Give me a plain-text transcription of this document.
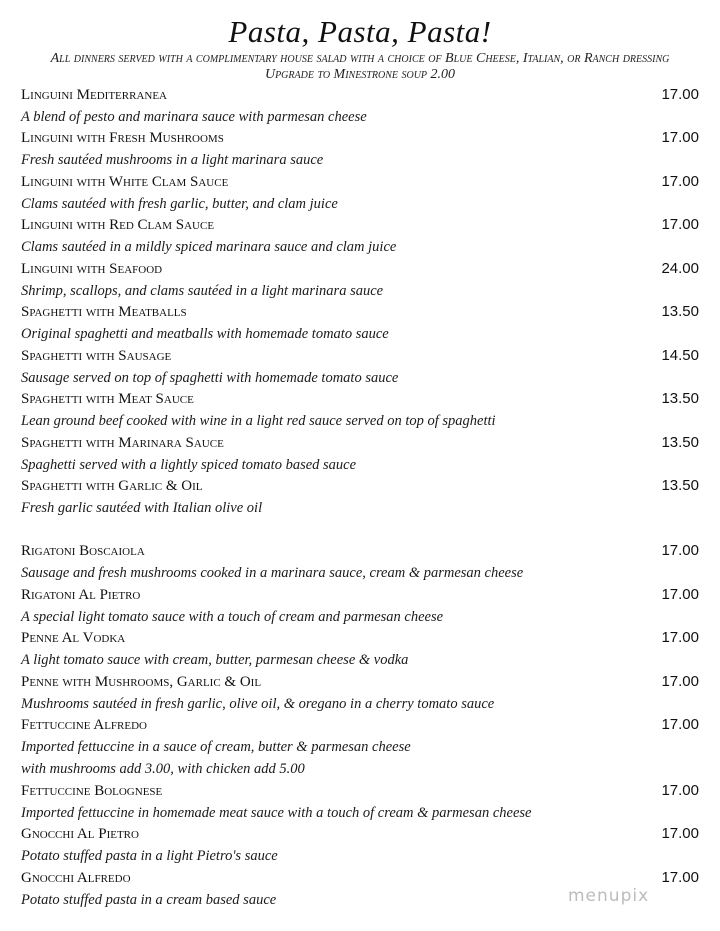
Pasta, Pasta, Pasta!
All dinners served with a complimentary house salad with a choice of Blue Cheese, Italian, or Ranch dressing
Upgrade to Minestrone soup 2.00
Linguini Mediterranea	17.00
A blend of pesto and marinara sauce with parmesan cheese
Linguini with Fresh Mushrooms	17.00
Fresh sautéed mushrooms in a light marinara sauce
Linguini with White Clam Sauce	17.00
Clams sautéed with fresh garlic, butter, and clam juice
Linguini with Red Clam Sauce	17.00
Clams sautéed in a mildly spiced marinara sauce and clam juice
Linguini with Seafood	24.00
Shrimp, scallops, and clams sautéed in a light marinara sauce
Spaghetti with Meatballs	13.50
Original spaghetti and meatballs with homemade tomato sauce
Spaghetti with Sausage	14.50
Sausage served on top of spaghetti with homemade tomato sauce
Spaghetti with Meat Sauce	13.50
Lean ground beef cooked with wine in a light red sauce served on top of spaghetti
Spaghetti with Marinara Sauce	13.50
Spaghetti served with a lightly spiced tomato based sauce
Spaghetti with Garlic & Oil	13.50
Fresh garlic sautéed with Italian olive oil
Rigatoni Boscaiola	17.00
Sausage and fresh mushrooms cooked in a marinara sauce, cream & parmesan cheese
Rigatoni Al Pietro	17.00
A special light tomato sauce with a touch of cream and parmesan cheese
Penne Al Vodka	17.00
A light tomato sauce with cream, butter, parmesan cheese & vodka
Penne with Mushrooms, Garlic & Oil	17.00
Mushrooms sautéed in fresh garlic, olive oil, & oregano in a cherry tomato sauce
Fettuccine Alfredo	17.00
Imported fettuccine in a sauce of cream, butter & parmesan cheese
with mushrooms add 3.00, with chicken add 5.00
Fettuccine Bolognese	17.00
Imported fettuccine in homemade meat sauce with a touch of cream & parmesan cheese
Gnocchi Al Pietro	17.00
Potato stuffed pasta in a light Pietro's sauce
Gnocchi Alfredo	17.00
Potato stuffed pasta in a cream based sauce	menupix
